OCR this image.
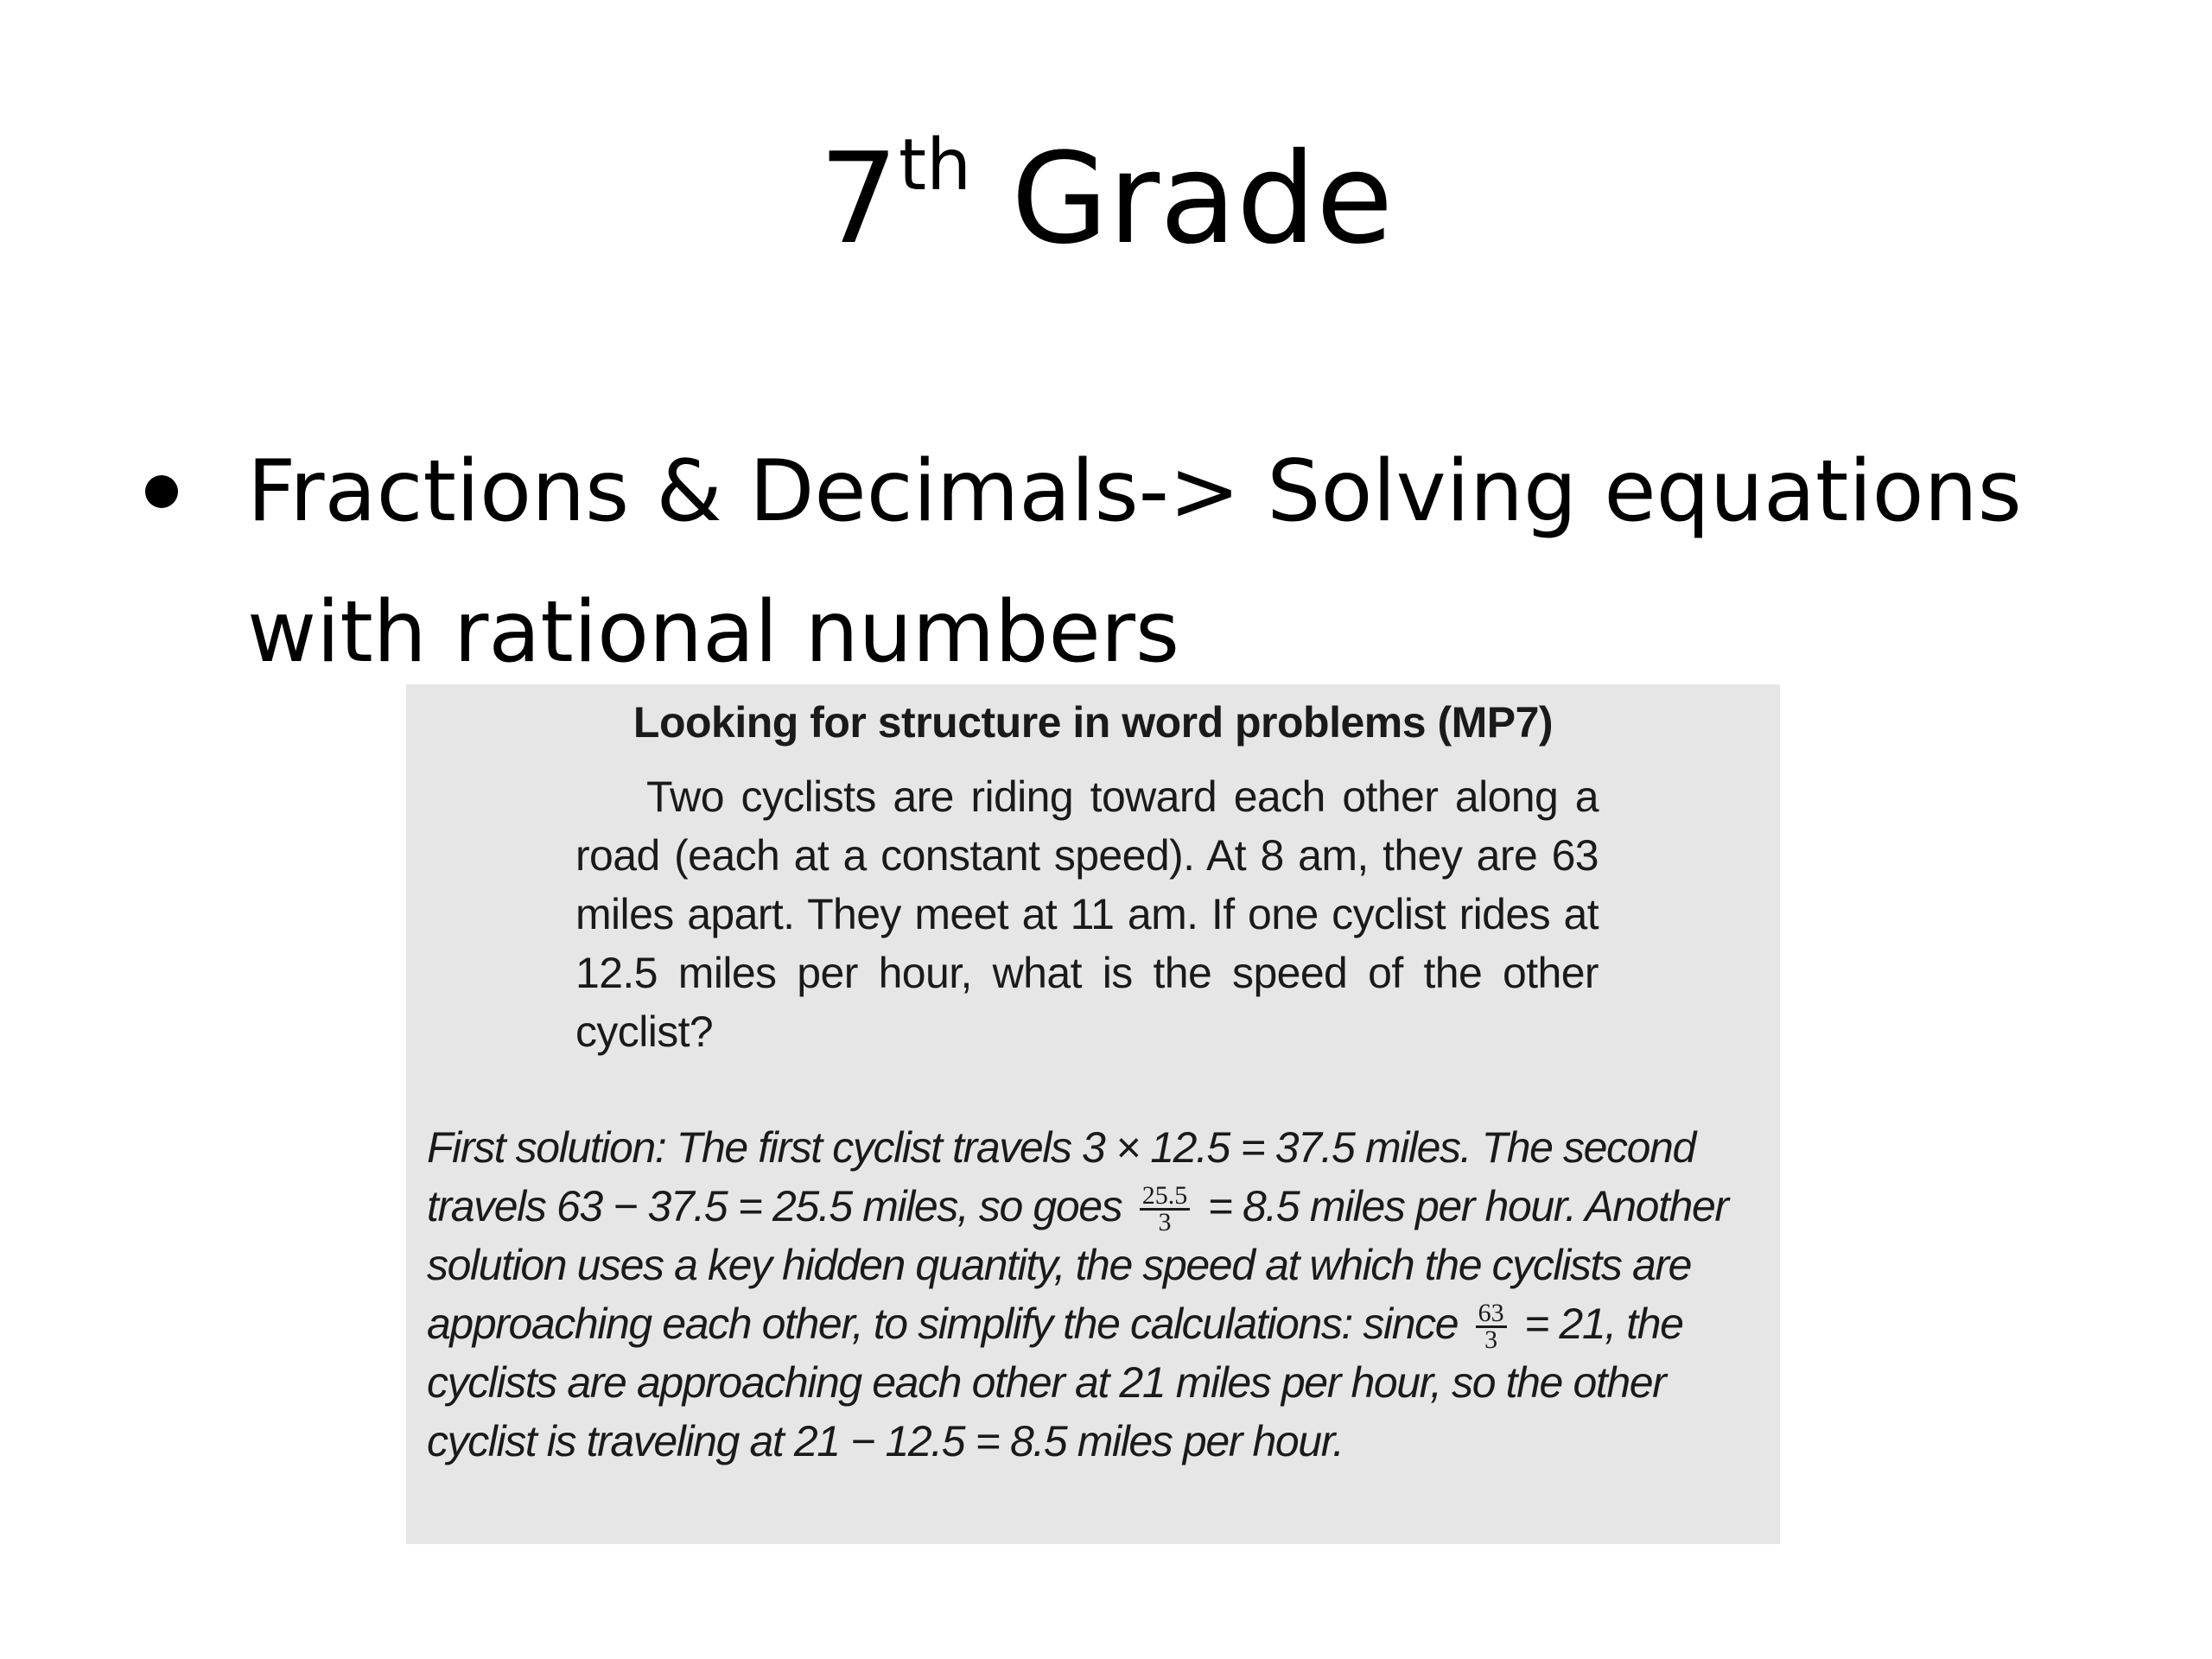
7th Grade
Fractions & Decimals-> Solving equations with rational numbers
Looking for structure in word problems (MP7)
Two cyclists are riding toward each other along a road (each at a constant speed). At 8 am, they are 63 miles apart. They meet at 11 am. If one cyclist rides at 12.5 miles per hour, what is the speed of the other cyclist?
First solution: The first cyclist travels 3 × 12.5 = 37.5 miles. The second travels 63 − 37.5 = 25.5 miles, so goes $\frac{25.5}{3} = 8.5$ miles per hour. Another solution uses a key hidden quantity, the speed at which the cyclists are approaching each other, to simplify the calculations: since $\frac{63}{3} = 21$, the cyclists are approaching each other at 21 miles per hour, so the other cyclist is traveling at 21 − 12.5 = 8.5 miles per hour.
